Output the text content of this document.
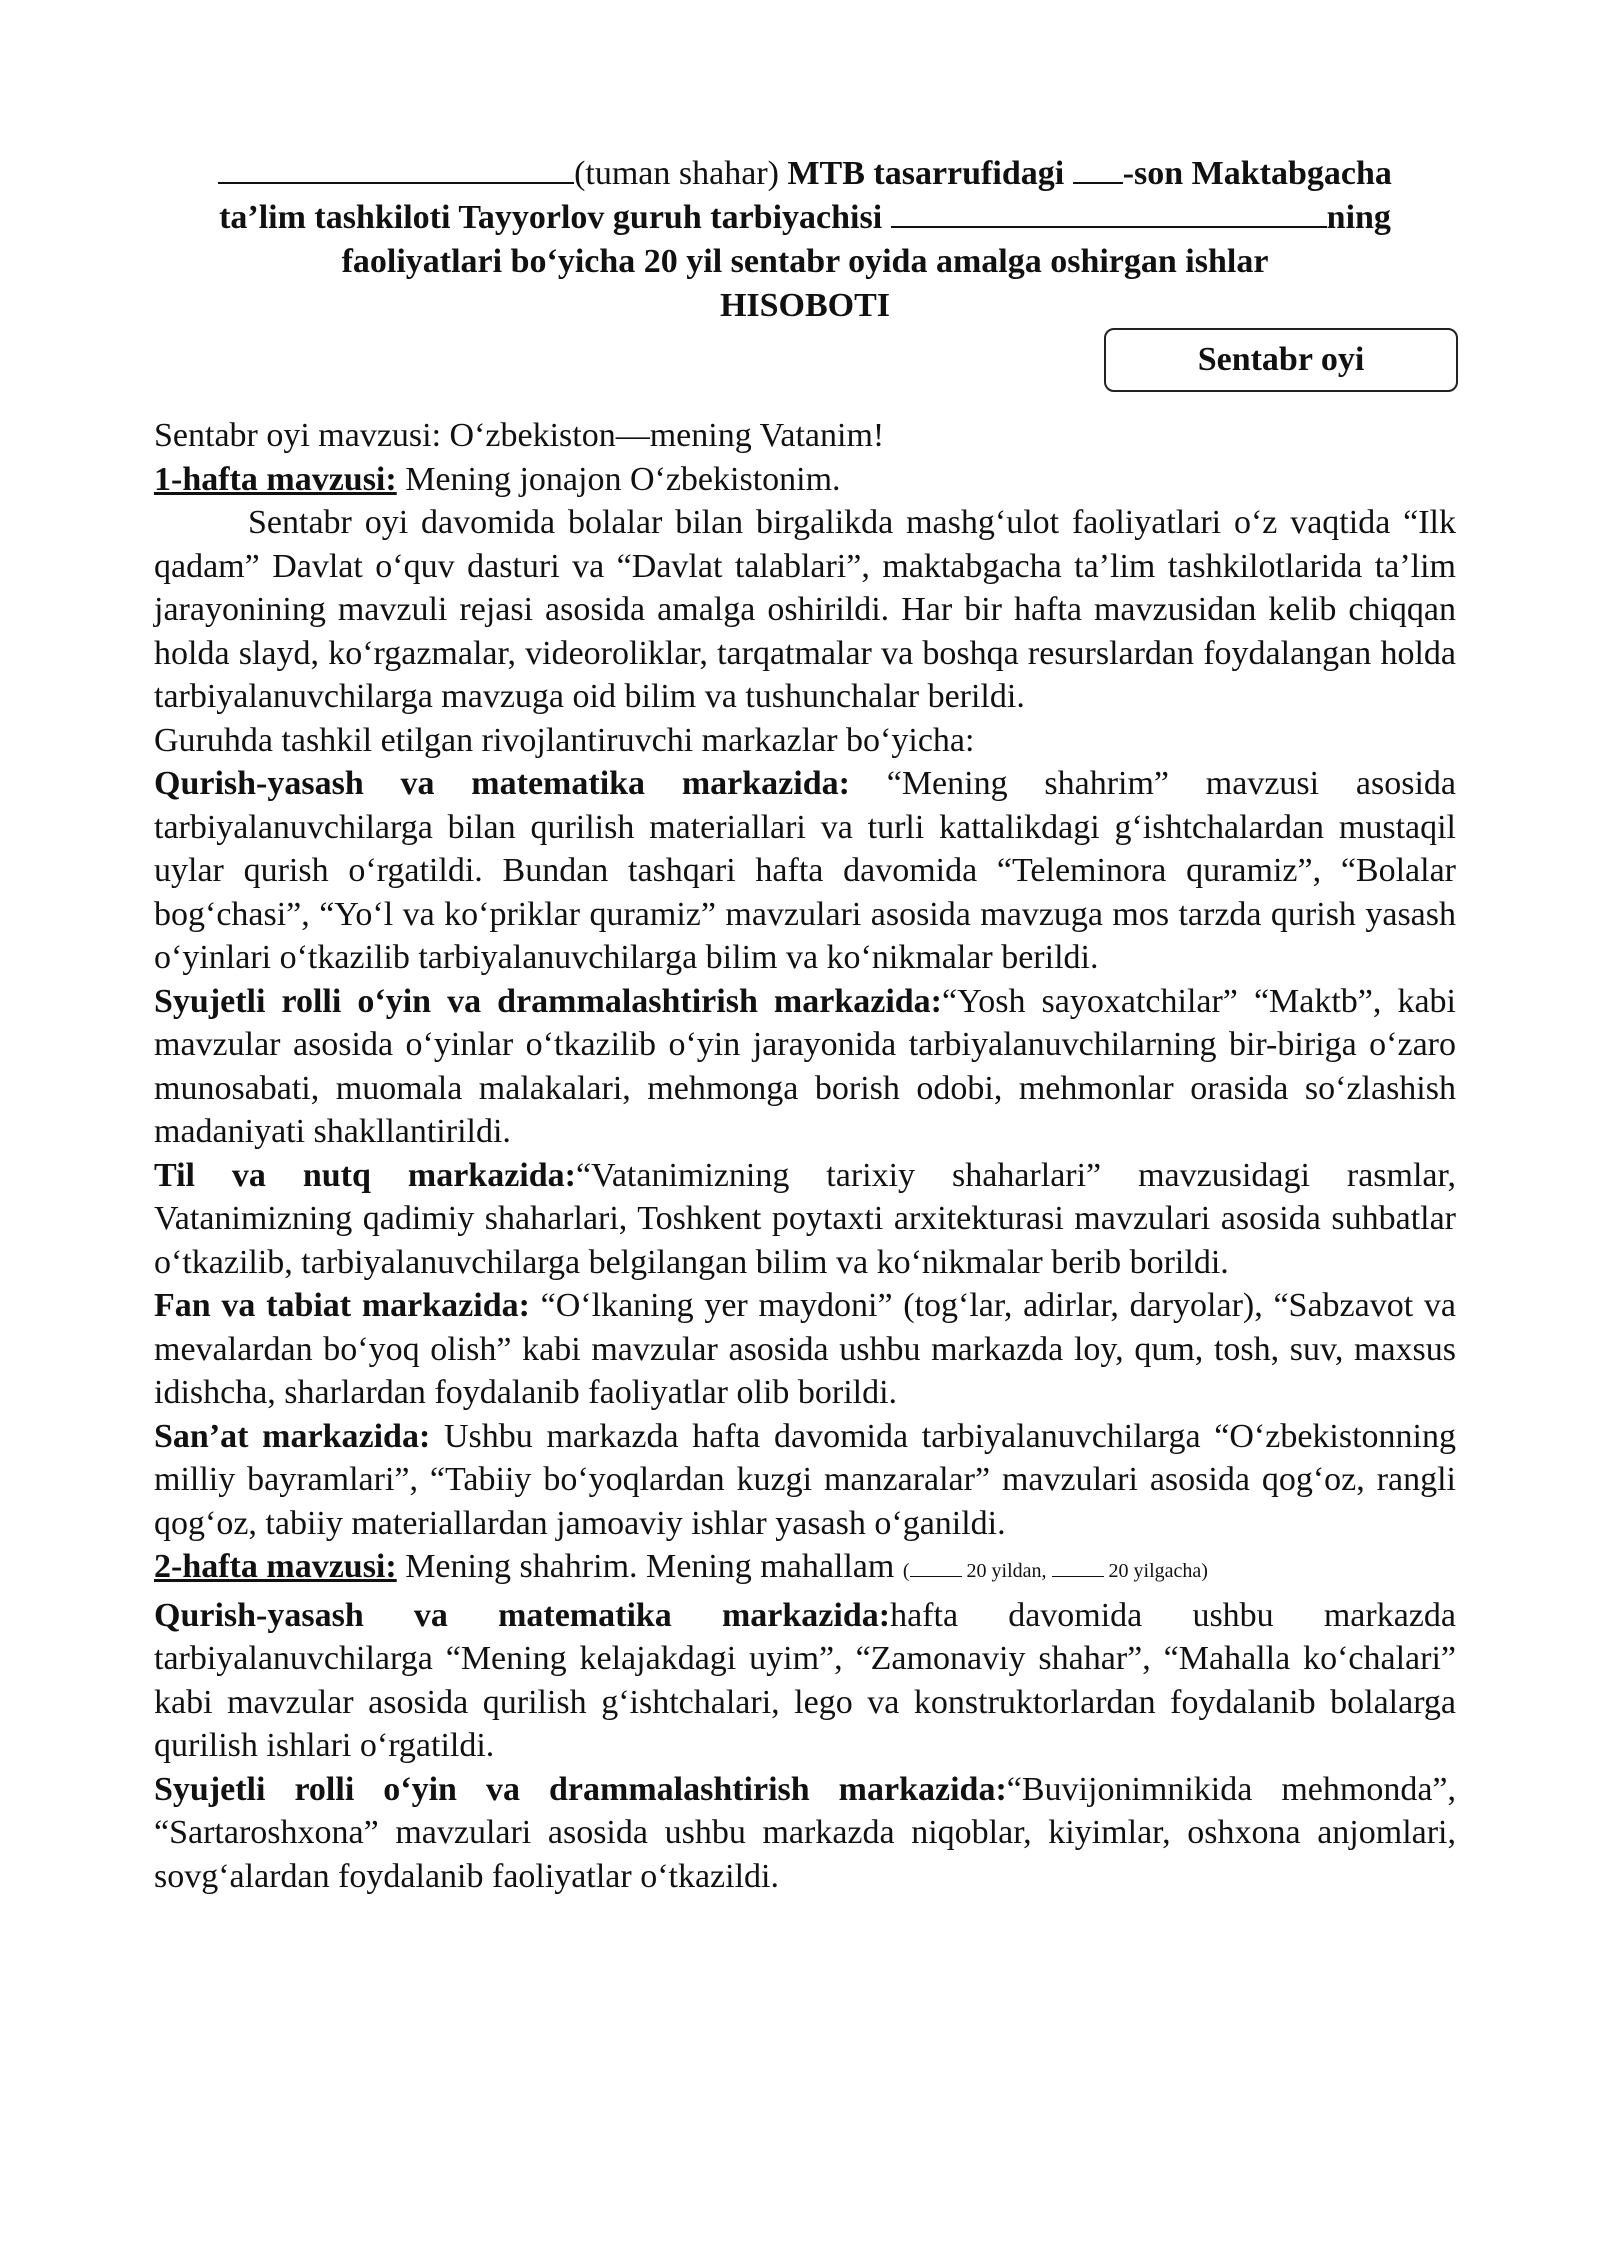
(tuman shahar) MTB tasarrufidagi -son Maktabgacha
ta’lim tashkiloti Tayyorlov guruh tarbiyachisi	ning
faoliyatlari bo‘yicha 20 yil sentabr oyida amalga oshirgan ishlar
HISOBOTI
Sentabr oyi

Sentabr oyi mavzusi: O‘zbekiston—mening Vatanim!

1-hafta mavzusi: Mening jonajon O‘zbekistonim.

Sentabr oyi davomida bolalar bilan birgalikda mashg‘ulot faoliyatlari o‘z vaqtida “Ilk qadam” Davlat o‘quv dasturi va “Davlat talablari”, maktabgacha ta’lim tashkilotlarida ta’lim jarayonining mavzuli rejasi asosida amalga oshirildi. Har bir hafta mavzusidan kelib chiqqan holda slayd, ko‘rgazmalar, videoroliklar, tarqatmalar va boshqa resurslardan foydalangan holda tarbiyalanuvchilarga mavzuga oid bilim va tushunchalar berildi.

Guruhda tashkil etilgan rivojlantiruvchi markazlar bo‘yicha:

Qurish-yasash va matematika markazida: “Mening shahrim” mavzusi asosida tarbiyalanuvchilarga bilan qurilish materiallari va turli kattalikdagi g‘ishtchalardan mustaqil uylar qurish o‘rgatildi. Bundan tashqari hafta davomida “Teleminora quramiz”, “Bolalar bog‘chasi”, “Yo‘l va ko‘priklar quramiz” mavzulari asosida mavzuga mos tarzda qurish yasash o‘yinlari o‘tkazilib tarbiyalanuvchilarga bilim va ko‘nikmalar berildi.

Syujetli rolli o‘yin va drammalashtirish markazida:“Yosh sayoxatchilar” “Maktb”, kabi mavzular asosida o‘yinlar o‘tkazilib o‘yin jarayonida tarbiyalanuvchilarning bir-biriga o‘zaro munosabati, muomala malakalari, mehmonga borish odobi, mehmonlar orasida so‘zlashish madaniyati shakllantirildi.

Til va nutq markazida:“Vatanimizning tarixiy shaharlari” mavzusidagi rasmlar, Vatanimizning qadimiy shaharlari, Toshkent poytaxti arxitekturasi mavzulari asosida suhbatlar o‘tkazilib, tarbiyalanuvchilarga belgilangan bilim va ko‘nikmalar berib borildi.

Fan va tabiat markazida: “O‘lkaning yer maydoni” (tog‘lar, adirlar, daryolar), “Sabzavot va mevalardan bo‘yoq olish” kabi mavzular asosida ushbu markazda loy, qum, tosh, suv, maxsus idishcha, sharlardan foydalanib faoliyatlar olib borildi.

San’at markazida: Ushbu markazda hafta davomida tarbiyalanuvchilarga “O‘zbekistonning milliy bayramlari”, “Tabiiy bo‘yoqlardan kuzgi manzaralar” mavzulari asosida qog‘oz, rangli qog‘oz, tabiiy materiallardan jamoaviy ishlar yasash o‘ganildi.

2-hafta mavzusi: Mening shahrim. Mening mahallam (	20 yildan,	20 yilgacha)

Qurish-yasash va matematika markazida:hafta davomida ushbu markazda tarbiyalanuvchilarga “Mening kelajakdagi uyim”, “Zamonaviy shahar”, “Mahalla ko‘chalari” kabi mavzular asosida qurilish g‘ishtchalari, lego va konstruktorlardan foydalanib bolalarga qurilish ishlari o‘rgatildi.

Syujetli rolli o‘yin va drammalashtirish markazida:“Buvijonimnikida mehmonda”, “Sartaroshxona” mavzulari asosida ushbu markazda niqoblar, kiyimlar, oshxona anjomlari, sovg‘alardan foydalanib faoliyatlar o‘tkazildi.
